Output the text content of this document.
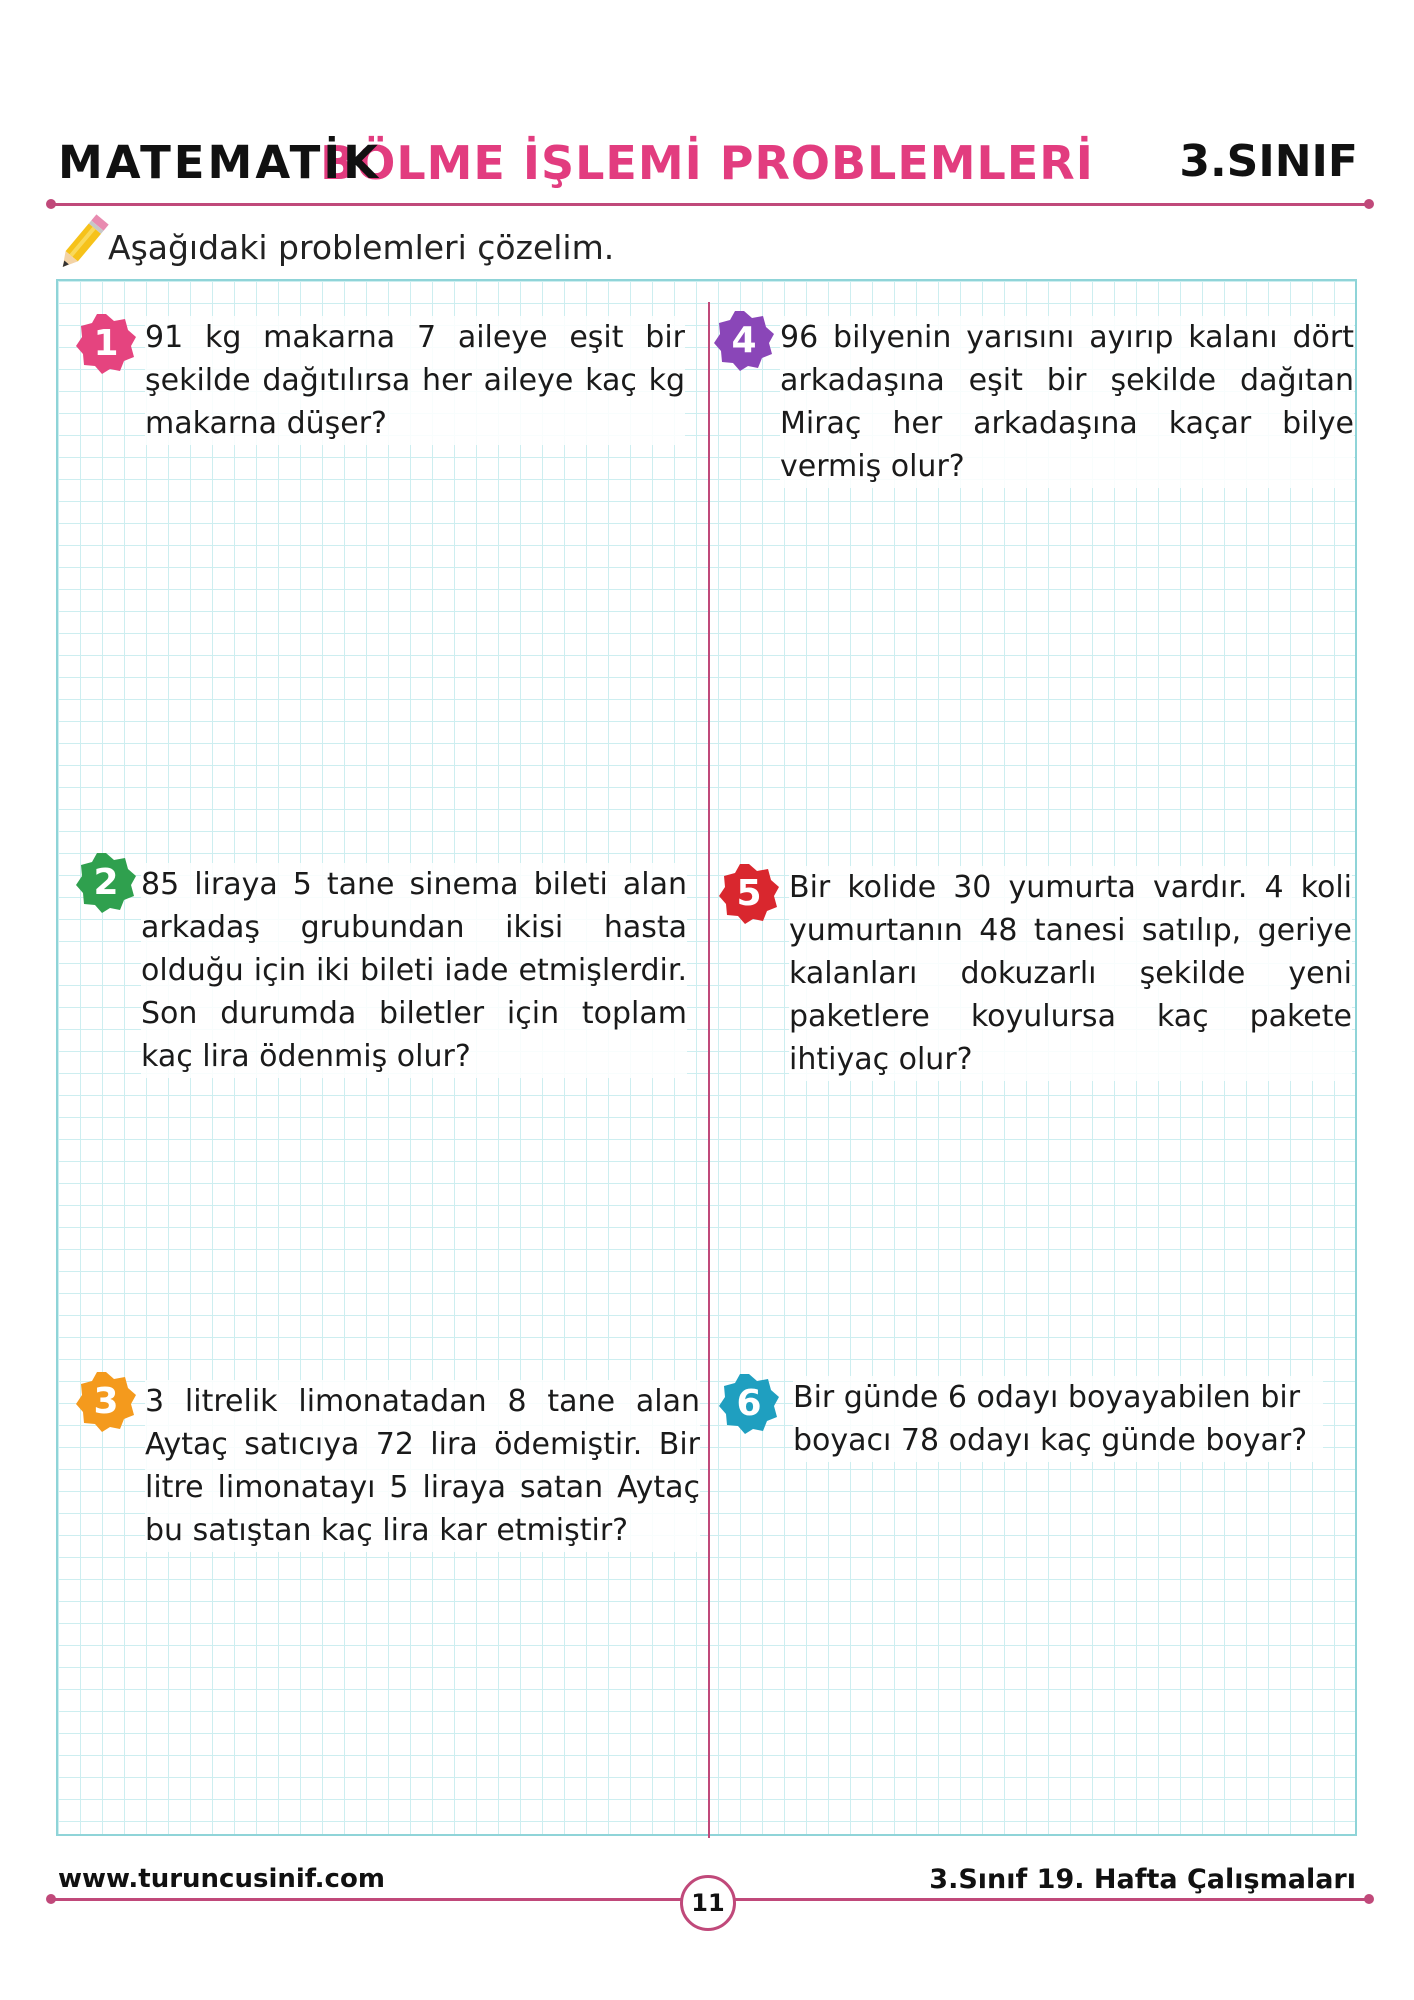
BÖLME İŞLEMİ PROBLEMLERİ
MATEMATİK	3.SINIF
Aşağıdaki problemleri çözelim.
1 91 kg makarna 7 aileye eşit bir şekilde dağıtılırsa her aileye kaç kg makarna düşer?
2 85 liraya 5 tane sinema bileti alan arkadaş grubundan ikisi hasta olduğu için iki bileti iade etmişlerdir. Son durumda biletler için toplam kaç lira ödenmiş olur?
3 3 litrelik limonatadan 8 tane alan Aytaç satıcıya 72 lira ödemiştir. Bir litre limonatayı 5 liraya satan Aytaç bu satıştan kaç lira kar etmiştir?
4 96 bilyenin yarısını ayırıp kalanı dört arkadaşına eşit bir şekilde dağıtan Miraç her arkadaşına kaçar bilye vermiş olur?
5 Bir kolide 30 yumurta vardır. 4 koli yumurtanın 48 tanesi satılıp, geriye kalanları dokuzarlı şekilde yeni paketlere koyulursa kaç pakete ihtiyaç olur?
6	Bir günde 6 odayı boyayabilen bir boyacı 78 odayı kaç günde boyar?
www.turuncusinif.com	3.Sınıf 19. Hafta Çalışmaları
11
